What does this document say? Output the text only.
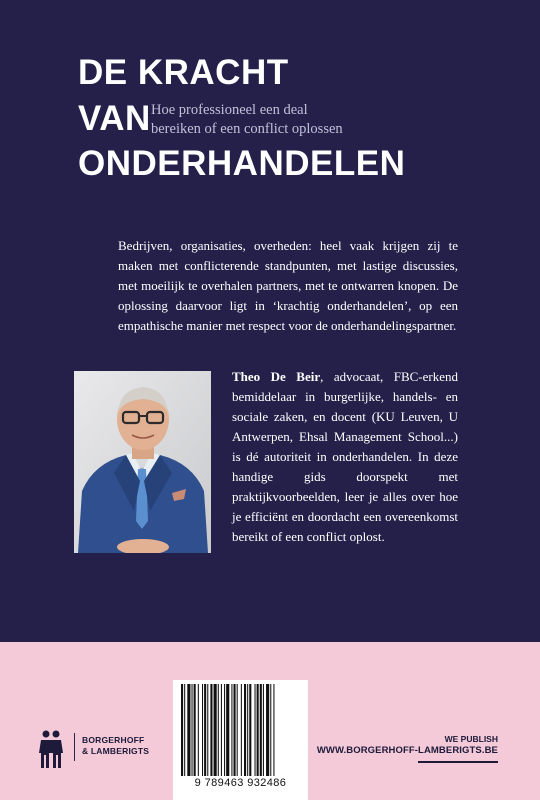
DE KRACHT
VAN
ONDERHANDELEN
Hoe professioneel een deal
bereiken of een conflict oplossen

Bedrijven, organisaties, overheden: heel vaak krijgen zij te maken met conflicterende standpunten, met lastige discussies, met moeilijk te overhalen partners, met te ontwarren knopen. De oplossing daarvoor ligt in ‘krachtig onderhandelen’, op een empathische manier met respect voor de onderhandelingspartner.

Theo De Beir, advocaat, FBC-erkend bemiddelaar in burgerlijke, handels- en sociale zaken, en docent (KU Leuven, U Antwerpen, Ehsal Management School...) is dé autoriteit in onderhandelen. In deze handige gids doorspekt met praktijkvoorbeelden, leer je alles over hoe je efficiënt en doordacht een overeenkomst bereikt of een conflict oplost.

9 789463 932486
BORGERHOFF
& LAMBERIGTS
WE PUBLISH
WWW.BORGERHOFF-LAMBERIGTS.BE
